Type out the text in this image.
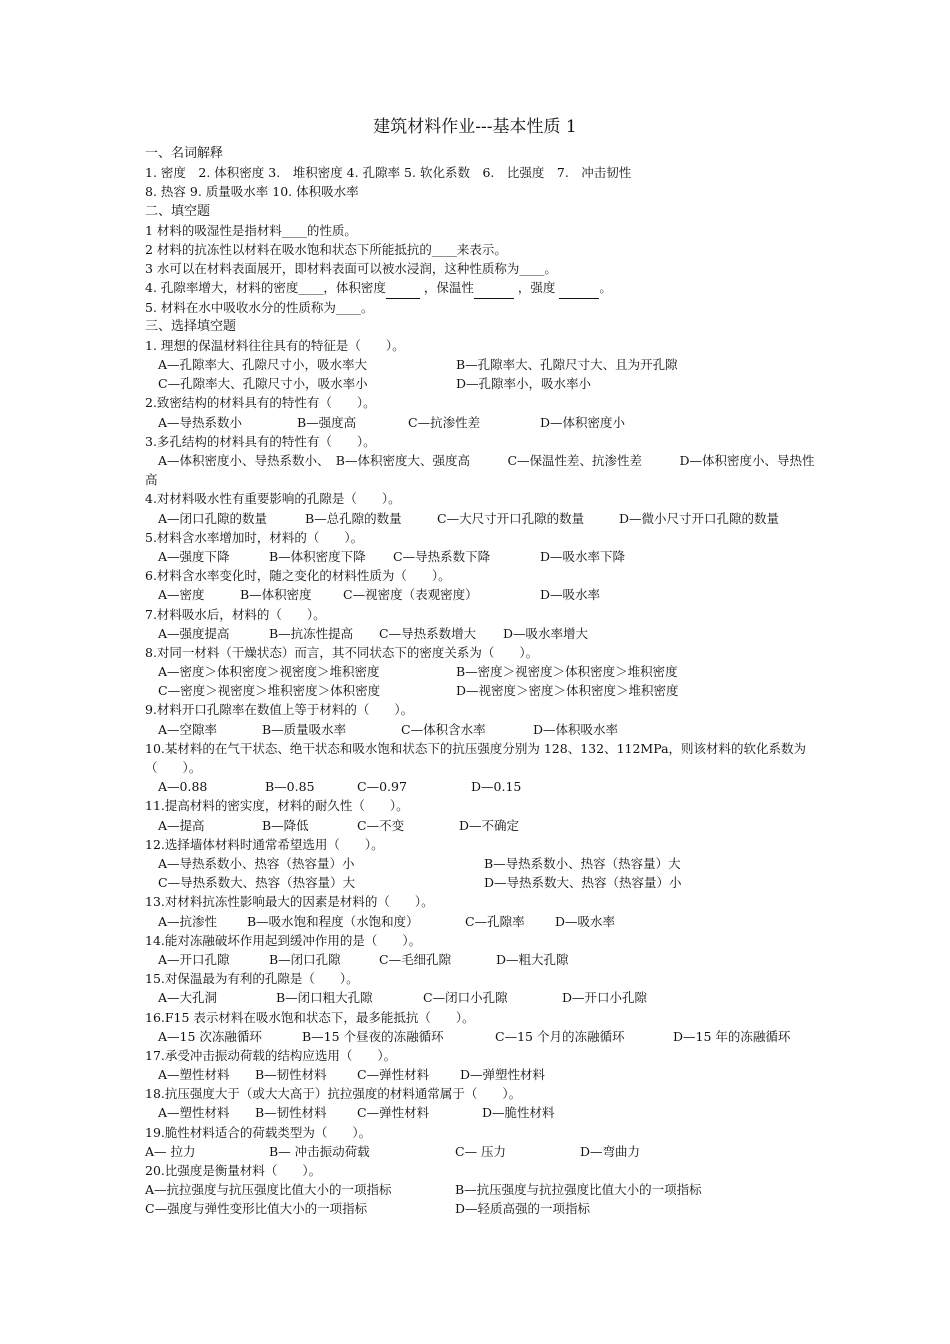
建筑材料作业---基本性质 1
一、名词解释
1. 密度　2. 体积密度 3.　堆积密度 4. 孔隙率 5. 软化系数　6.　比强度　7.　冲击韧性
8. 热容 9. 质量吸水率 10. 体积吸水率
二、填空题
1 材料的吸湿性是指材料____的性质。
2 材料的抗冻性以材料在吸水饱和状态下所能抵抗的____来表示。
3 水可以在材料表面展开，即材料表面可以被水浸润，这种性质称为____。
4. 孔隙率增大，材料的密度____，体积密度	，保温性	，强度	。
5. 材料在水中吸收水分的性质称为____。
三、选择填空题
1. 理想的保温材料往往具有的特征是（　　）。
A—孔隙率大、孔隙尺寸小，吸水率大	B—孔隙率大、孔隙尺寸大、且为开孔隙
C—孔隙率大、孔隙尺寸小，吸水率小	D—孔隙率小，吸水率小
2.致密结构的材料具有的特性有（　　）。
A—导热系数小	B—强度高	C—抗渗性差	D—体积密度小
3.多孔结构的材料具有的特性有（　　）。
A—体积密度小、导热系数小、　B—体积密度大、强度高　　　C—保温性差、抗渗性差　　　D—体积密度小、导热性高
4.对材料吸水性有重要影响的孔隙是（　　）。
A—闭口孔隙的数量	B—总孔隙的数量	C—大尺寸开口孔隙的数量	D—微小尺寸开口孔隙的数量
5.材料含水率增加时，材料的（　　）。
A—强度下降	B—体积密度下降 C—导热系数下降	D—吸水率下降
6.材料含水率变化时，随之变化的材料性质为（　　）。
A—密度	B—体积密度	C—视密度（表观密度）	D—吸水率
7.材料吸水后，材料的（　　）。
A—强度提高	B—抗冻性提高 C—导热系数增大 D—吸水率增大
8.对同一材料（干燥状态）而言，其不同状态下的密度关系为（　　）。
A—密度＞体积密度＞视密度＞堆积密度	B—密度＞视密度＞体积密度＞堆积密度
C—密度＞视密度＞堆积密度＞体积密度	D—视密度＞密度＞体积密度＞堆积密度
9.材料开口孔隙率在数值上等于材料的（　　）。
A—空隙率	B—质量吸水率	C—体积含水率	D—体积吸水率
10.某材料的在气干状态、绝干状态和吸水饱和状态下的抗压强度分别为 128、132、112MPa，则该材料的软化系数为（　　）。
A—0.88	B—0.85	C—0.97	D—0.15
11.提高材料的密实度，材料的耐久性（　　）。
A—提高	B—降低	C—不变	D—不确定
12.选择墙体材料时通常希望选用（　　）。
A—导热系数小、热容（热容量）小	B—导热系数小、热容（热容量）大
C—导热系数大、热容（热容量）大	D—导热系数大、热容（热容量）小
13.对材料抗冻性影响最大的因素是材料的（　　）。
A—抗渗性 B—吸水饱和程度（水饱和度）	C—孔隙率 D—吸水率
14.能对冻融破坏作用起到缓冲作用的是（　　）。
A—开口孔隙	B—闭口孔隙	C—毛细孔隙	D—粗大孔隙
15.对保温最为有利的孔隙是（　　）。
A—大孔洞	B—闭口粗大孔隙	C—闭口小孔隙	D—开口小孔隙
16.F15 表示材料在吸水饱和状态下，最多能抵抗（　　）。
A—15 次冻融循环	B—15 个昼夜的冻融循环	C—15 个月的冻融循环	D—15 年的冻融循环
17.承受冲击振动荷载的结构应选用（　　）。
A—塑性材料 B—韧性材料 C—弹性材料 D—弹塑性材料
18.抗压强度大于（或大大高于）抗拉强度的材料通常属于（　　）。
A—塑性材料 B—韧性材料 C—弹性材料	D—脆性材料
19.脆性材料适合的荷载类型为（　　）。
A— 拉力	B— 冲击振动荷载	C— 压力	D—弯曲力
20.比强度是衡量材料（　　）。
A—抗拉强度与抗压强度比值大小的一项指标	B—抗压强度与抗拉强度比值大小的一项指标
C—强度与弹性变形比值大小的一项指标	D—轻质高强的一项指标
